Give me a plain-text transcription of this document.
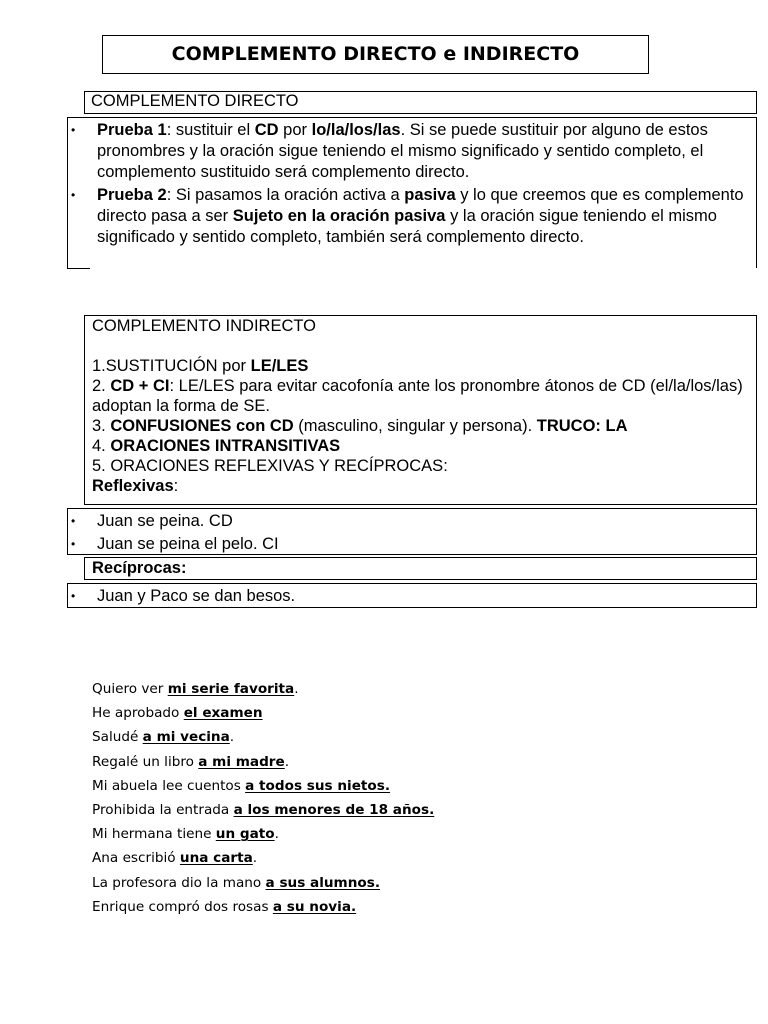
COMPLEMENTO DIRECTO e INDIRECTO
COMPLEMENTO DIRECTO
• Prueba 1: sustituir el CD por lo/la/los/las. Si se puede sustituir por alguno de estos pronombres y la oración sigue teniendo el mismo significado y sentido completo, el complemento sustituido será complemento directo.
• Prueba 2: Si pasamos la oración activa a pasiva y lo que creemos que es complemento directo pasa a ser Sujeto en la oración pasiva y la oración sigue teniendo el mismo significado y sentido completo, también será complemento directo.
COMPLEMENTO INDIRECTO

1.SUSTITUCIÓN por LE/LES
2. CD + CI: LE/LES para evitar cacofonía ante los pronombre átonos de CD (el/la/los/las) adoptan la forma de SE.
3. CONFUSIONES con CD (masculino, singular y persona). TRUCO: LA
4. ORACIONES INTRANSITIVAS
5. ORACIONES REFLEXIVAS Y RECÍPROCAS:
Reflexivas:
• Juan se peina. CD
• Juan se peina el pelo. CI
Recíprocas:
• Juan y Paco se dan besos.
Quiero ver mi serie favorita.
He aprobado el examen
Saludé a mi vecina.
Regalé un libro a mi madre.
Mi abuela lee cuentos a todos sus nietos.
Prohibida la entrada a los menores de 18 años.
Mi hermana tiene un gato.
Ana escribió una carta.
La profesora dio la mano a sus alumnos.
Enrique compró dos rosas a su novia.
